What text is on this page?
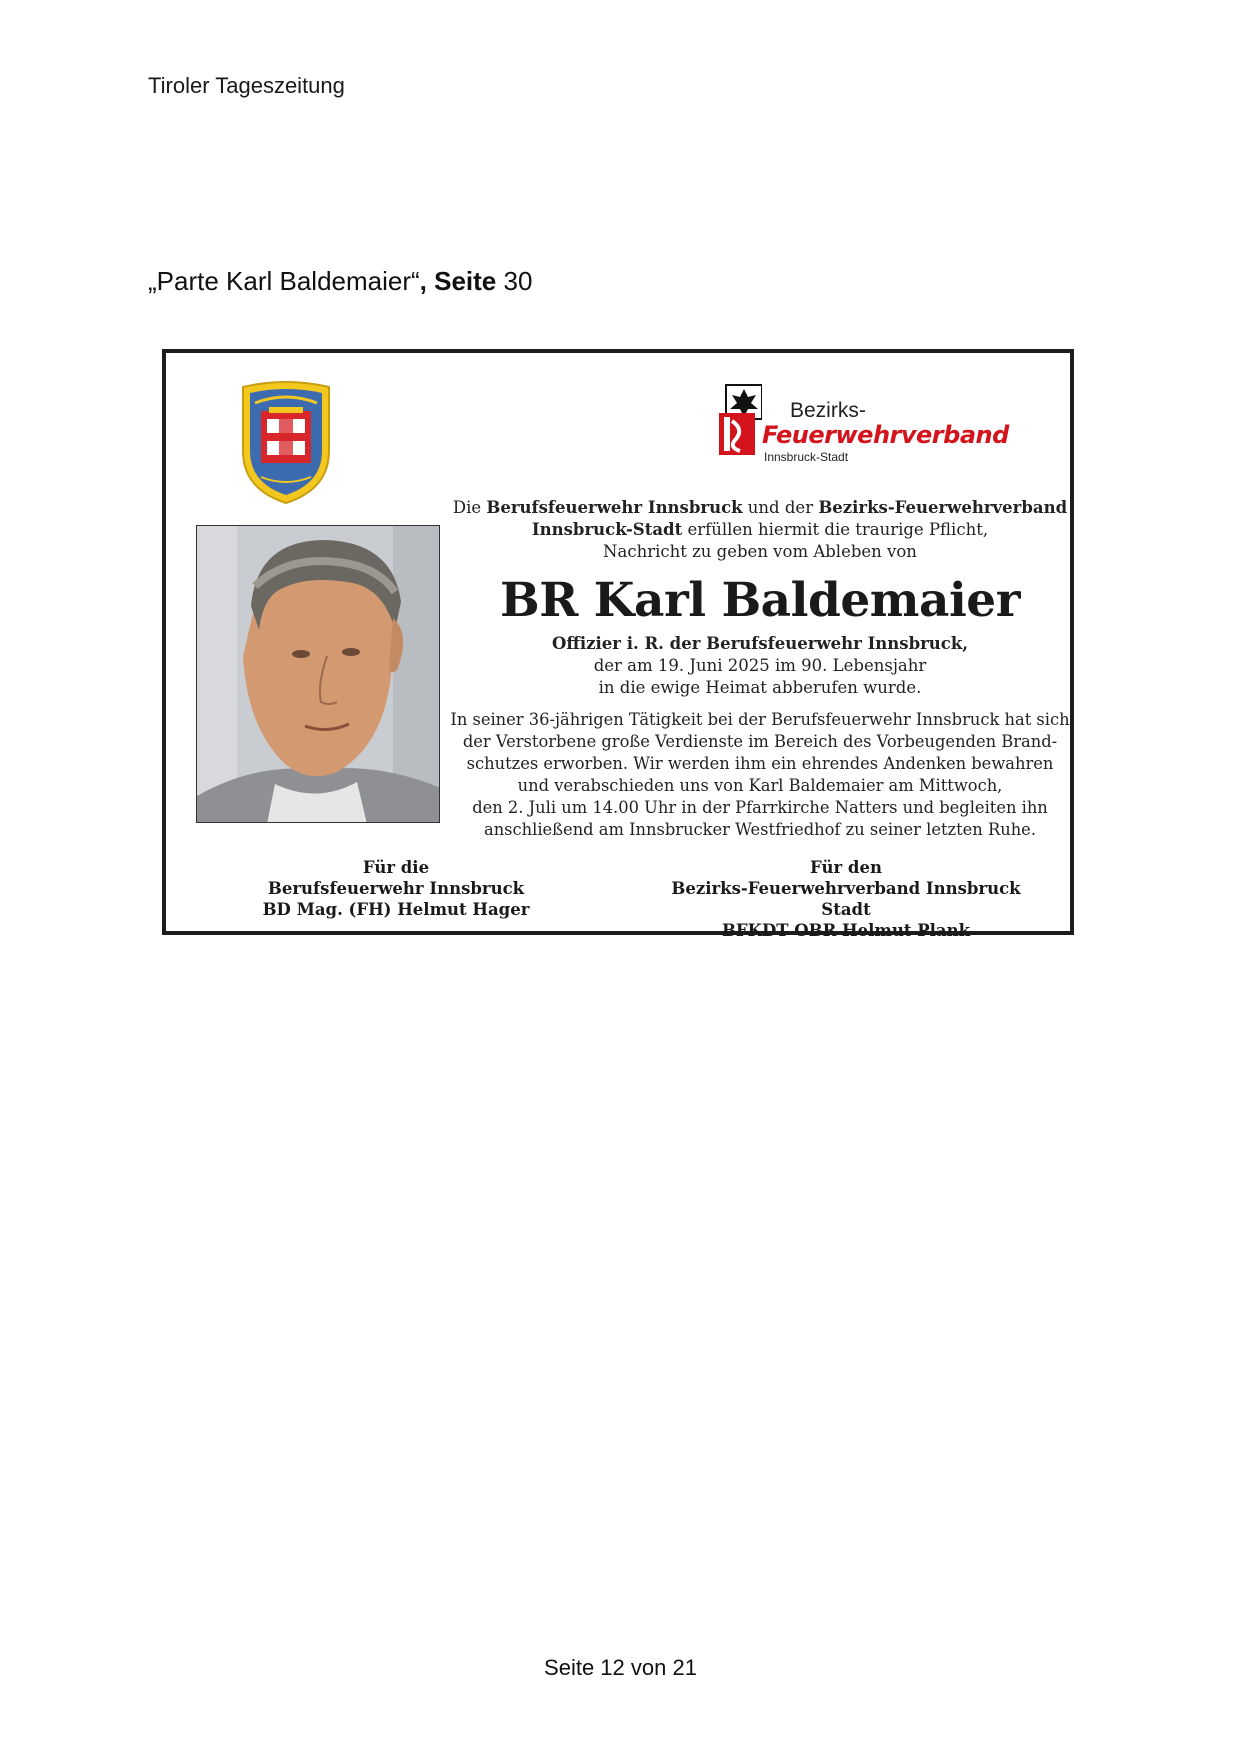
Tiroler Tageszeitung
„Parte Karl Baldemaier“, Seite 30
Bezirks-
Feuerwehrverband
Innsbruck-Stadt
Die Berufsfeuerwehr Innsbruck und der Bezirks-Feuerwehrverband
Innsbruck-Stadt erfüllen hiermit die traurige Pflicht,
Nachricht zu geben vom Ableben von
BR Karl Baldemaier
Offizier i. R. der Berufsfeuerwehr Innsbruck,
der am 19. Juni 2025 im 90. Lebensjahr
in die ewige Heimat abberufen wurde.
In seiner 36-jährigen Tätigkeit bei der Berufsfeuerwehr Innsbruck hat sich
der Verstorbene große Verdienste im Bereich des Vorbeugenden Brand-
schutzes erworben. Wir werden ihm ein ehrendes Andenken bewahren
und verabschieden uns von Karl Baldemaier am Mittwoch,
den 2. Juli um 14.00 Uhr in der Pfarrkirche Natters und begleiten ihn
anschließend am Innsbrucker Westfriedhof zu seiner letzten Ruhe.
Für die
Berufsfeuerwehr Innsbruck
BD Mag. (FH) Helmut Hager
Für den
Bezirks-Feuerwehrverband Innsbruck Stadt
BFKDT OBR Helmut Plank
Seite 12 von 21
